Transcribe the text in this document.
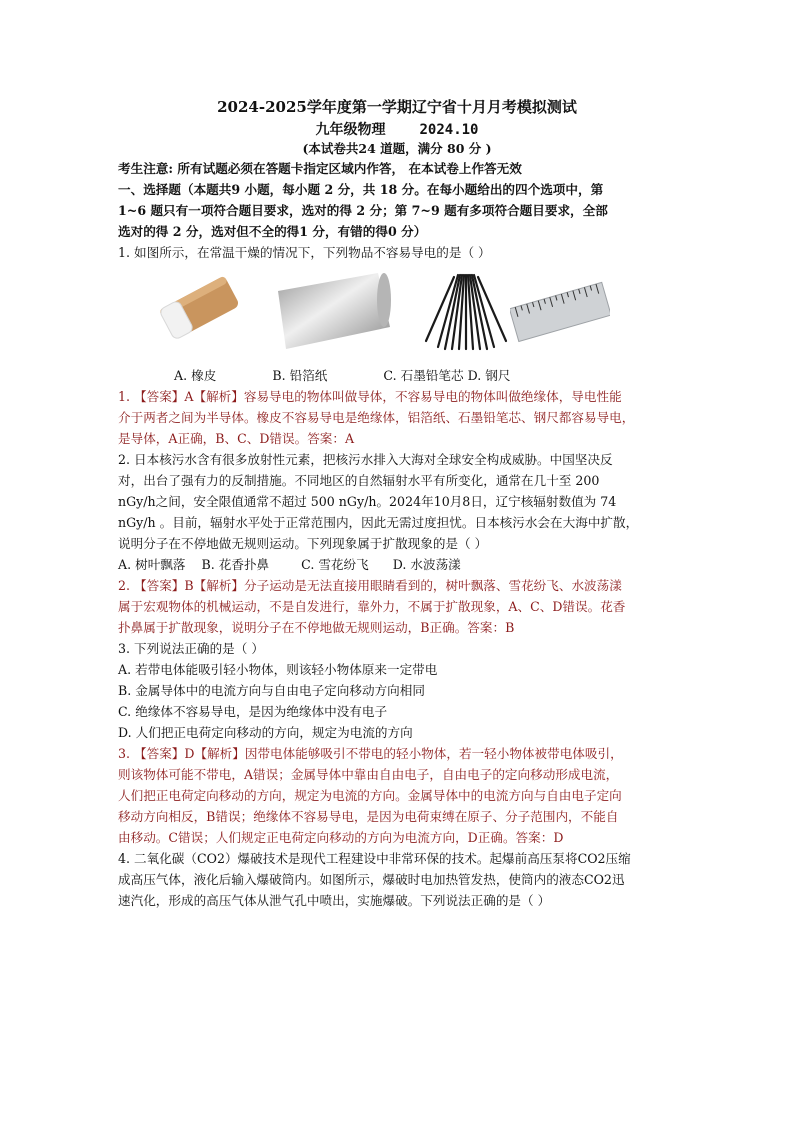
2024-2025学年度第一学期辽宁省十月月考模拟测试
九年级物理 2024.10
(本试卷共24 道题，满分 80 分 )

考生注意: 所有试题必须在答题卡指定区域内作答， 在本试卷上作答无效

一、选择题（本题共9 小题，每小题 2 分，共 18 分。在每小题给出的四个选项中，第

1~6 题只有一项符合题目要求，选对的得 2 分；第 7~9 题有多项符合题目要求，全部

选对的得 2 分，选对但不全的得1 分，有错的得0 分）

1. 如图所示，在常温干燥的情况下，下列物品不容易导电的是（ ）

A. 橡皮              B. 铅箔纸              C. 石墨铅笔芯 D. 钢尺

1. 【答案】A【解析】容易导电的物体叫做导体，不容易导电的物体叫做绝缘体，导电性能

介于两者之间为半导体。橡皮不容易导电是绝缘体，铝箔纸、石墨铅笔芯、钢尺都容易导电，

是导体，A正确，B、C、D错误。答案：A

2. 日本核污水含有很多放射性元素，把核污水排入大海对全球安全构成威胁。中国坚决反

对，出台了强有力的反制措施。不同地区的自然辐射水平有所变化，通常在几十至 200

nGy/h之间，安全限值通常不超过 500 nGy/h。2024年10月8日，辽宁核辐射数值为 74

nGy/h 。目前，辐射水平处于正常范围内，因此无需过度担忧。日本核污水会在大海中扩散，

说明分子在不停地做无规则运动。下列现象属于扩散现象的是（ ）

A. 树叶飘落    B. 花香扑鼻        C. 雪花纷飞      D. 水波荡漾

2. 【答案】B【解析】分子运动是无法直接用眼睛看到的，树叶飘落、雪花纷飞、水波荡漾

属于宏观物体的机械运动，不是自发进行，靠外力，不属于扩散现象，A、C、D错误。花香

扑鼻属于扩散现象，说明分子在不停地做无规则运动，B正确。答案：B

3. 下列说法正确的是（ ）

A. 若带电体能吸引轻小物体，则该轻小物体原来一定带电

B. 金属导体中的电流方向与自由电子定向移动方向相同

C. 绝缘体不容易导电，是因为绝缘体中没有电子

D. 人们把正电荷定向移动的方向，规定为电流的方向

3. 【答案】D【解析】因带电体能够吸引不带电的轻小物体，若一轻小物体被带电体吸引，

则该物体可能不带电，A错误；金属导体中靠由自由电子，自由电子的定向移动形成电流，

人们把正电荷定向移动的方向，规定为电流的方向。金属导体中的电流方向与自由电子定向

移动方向相反，B错误；绝缘体不容易导电，是因为电荷束缚在原子、分子范围内，不能自

由移动。C错误；人们规定正电荷定向移动的方向为电流方向，D正确。答案：D

4. 二氧化碳（CO2）爆破技术是现代工程建设中非常环保的技术。起爆前高压泵将CO2压缩

成高压气体，液化后输入爆破筒内。如图所示，爆破时电加热管发热，使筒内的液态CO2迅

速汽化，形成的高压气体从泄气孔中喷出，实施爆破。下列说法正确的是（ ）
